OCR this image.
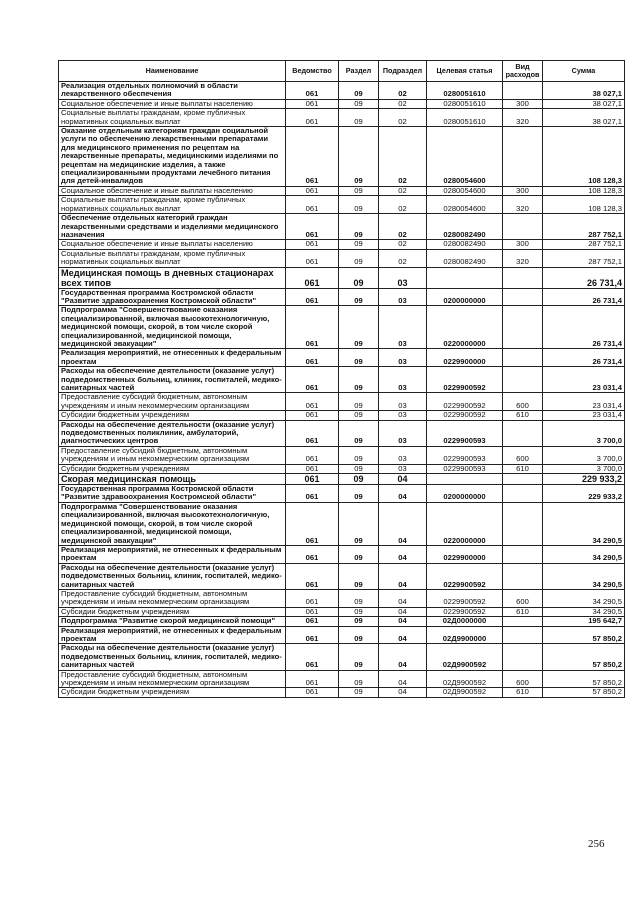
Наименование	Ведомство	Раздел	Подраздел	Целевая статья	Вид расходов	Сумма
Реализация отдельных полномочий в области лекарственного обеспечения	061	09	02	0280051610		38 027,1
Социальное обеспечение и иные выплаты населению	061	09	02	0280051610	300	38 027,1
Социальные выплаты гражданам, кроме публичных нормативных социальных выплат	061	09	02	0280051610	320	38 027,1
Оказание отдельным категориям граждан социальной услуги по обеспечению лекарственными препаратами для медицинского применения по рецептам на лекарственные препараты, медицинскими изделиями по рецептам на медицинские изделия, а также специализированными продуктами лечебного питания для детей-инвалидов	061	09	02	0280054600		108 128,3
Социальное обеспечение и иные выплаты населению	061	09	02	0280054600	300	108 128,3
Социальные выплаты гражданам, кроме публичных нормативных социальных выплат	061	09	02	0280054600	320	108 128,3
Обеспечение отдельных категорий граждан лекарственными средствами и изделиями медицинского назначения	061	09	02	0280082490		287 752,1
Социальное обеспечение и иные выплаты населению	061	09	02	0280082490	300	287 752,1
Социальные выплаты гражданам, кроме публичных нормативных социальных выплат	061	09	02	0280082490	320	287 752,1
Медицинская помощь в дневных стационарах всех типов	061	09	03			26 731,4
Государственная программа Костромской области "Развитие здравоохранения Костромской области"	061	09	03	0200000000		26 731,4
Подпрограмма "Совершенствование оказания специализированной, включая высокотехнологичную, медицинской помощи, скорой, в том числе скорой специализированной, медицинской помощи, медицинской эвакуации"	061	09	03	0220000000		26 731,4
Реализация мероприятий, не отнесенных к федеральным проектам	061	09	03	0229900000		26 731,4
Расходы на обеспечение деятельности (оказание услуг) подведомственных больниц, клиник, госпиталей, медико-санитарных частей	061	09	03	0229900592		23 031,4
Предоставление субсидий бюджетным, автономным учреждениям и иным некоммерческим организациям	061	09	03	0229900592	600	23 031,4
Субсидии бюджетным учреждениям	061	09	03	0229900592	610	23 031,4
Расходы на обеспечение деятельности (оказание услуг) подведомственных поликлиник, амбулаторий, диагностических центров	061	09	03	0229900593		3 700,0
Предоставление субсидий бюджетным, автономным учреждениям и иным некоммерческим организациям	061	09	03	0229900593	600	3 700,0
Субсидии бюджетным учреждениям	061	09	03	0229900593	610	3 700,0
Скорая медицинская помощь	061	09	04			229 933,2
Государственная программа Костромской области "Развитие здравоохранения Костромской области"	061	09	04	0200000000		229 933,2
Подпрограмма "Совершенствование оказания специализированной, включая высокотехнологичную, медицинской помощи, скорой, в том числе скорой специализированной, медицинской помощи, медицинской эвакуации"	061	09	04	0220000000		34 290,5
Реализация мероприятий, не отнесенных к федеральным проектам	061	09	04	0229900000		34 290,5
Расходы на обеспечение деятельности (оказание услуг) подведомственных больниц, клиник, госпиталей, медико-санитарных частей	061	09	04	0229900592		34 290,5
Предоставление субсидий бюджетным, автономным учреждениям и иным некоммерческим организациям	061	09	04	0229900592	600	34 290,5
Субсидии бюджетным учреждениям	061	09	04	0229900592	610	34 290,5
Подпрограмма "Развитие скорой медицинской помощи"	061	09	04	02Д0000000		195 642,7
Реализация мероприятий, не отнесенных к федеральным проектам	061	09	04	02Д9900000		57 850,2
Расходы на обеспечение деятельности (оказание услуг) подведомственных больниц, клиник, госпиталей, медико-санитарных частей	061	09	04	02Д9900592		57 850,2
Предоставление субсидий бюджетным, автономным учреждениям и иным некоммерческим организациям	061	09	04	02Д9900592	600	57 850,2
Субсидии бюджетным учреждениям	061	09	04	02Д9900592	610	57 850,2
256
